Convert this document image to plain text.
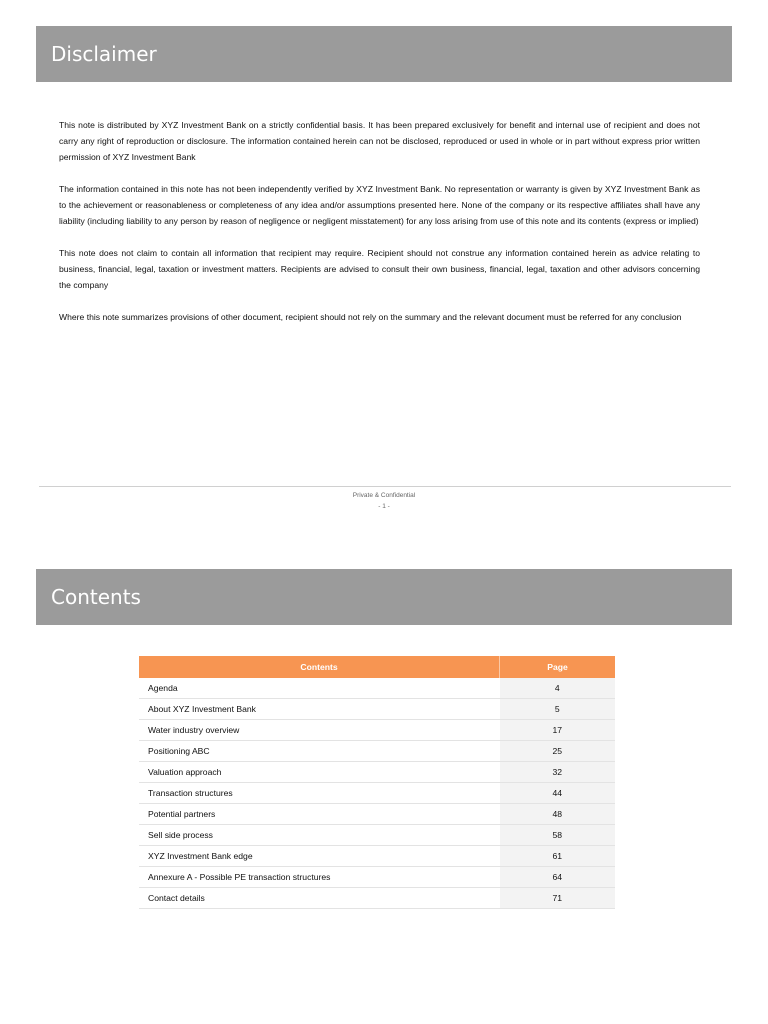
Disclaimer

This note is distributed by XYZ Investment Bank on a strictly confidential basis. It has been prepared exclusively for benefit and internal use of recipient and does not carry any right of reproduction or disclosure. The information contained herein can not be disclosed, reproduced or used in whole or in part without express prior written permission of XYZ Investment Bank

The information contained in this note has not been independently verified by XYZ Investment Bank. No representation or warranty is given by XYZ Investment Bank as to the achievement or reasonableness or completeness of any idea and/or assumptions presented here. None of the company or its respective affiliates shall have any liability (including liability to any person by reason of negligence or negligent misstatement) for any loss arising from use of this note and its contents (express or implied)

This note does not claim to contain all information that recipient may require. Recipient should not construe any information contained herein as advice relating to business, financial, legal, taxation or investment matters. Recipients are advised to consult their own business, financial, legal, taxation and other advisors concerning the company

Where this note summarizes provisions of other document, recipient should not rely on the summary and the relevant document must be referred for any conclusion

Private & Confidential
- 1 -
Contents
Contents	Page
Agenda	4
About XYZ Investment Bank	5
Water industry overview	17
Positioning ABC	25
Valuation approach	32
Transaction structures	44
Potential partners	48
Sell side process	58
XYZ Investment Bank edge	61
Annexure A - Possible PE transaction structures	64
Contact details	71
